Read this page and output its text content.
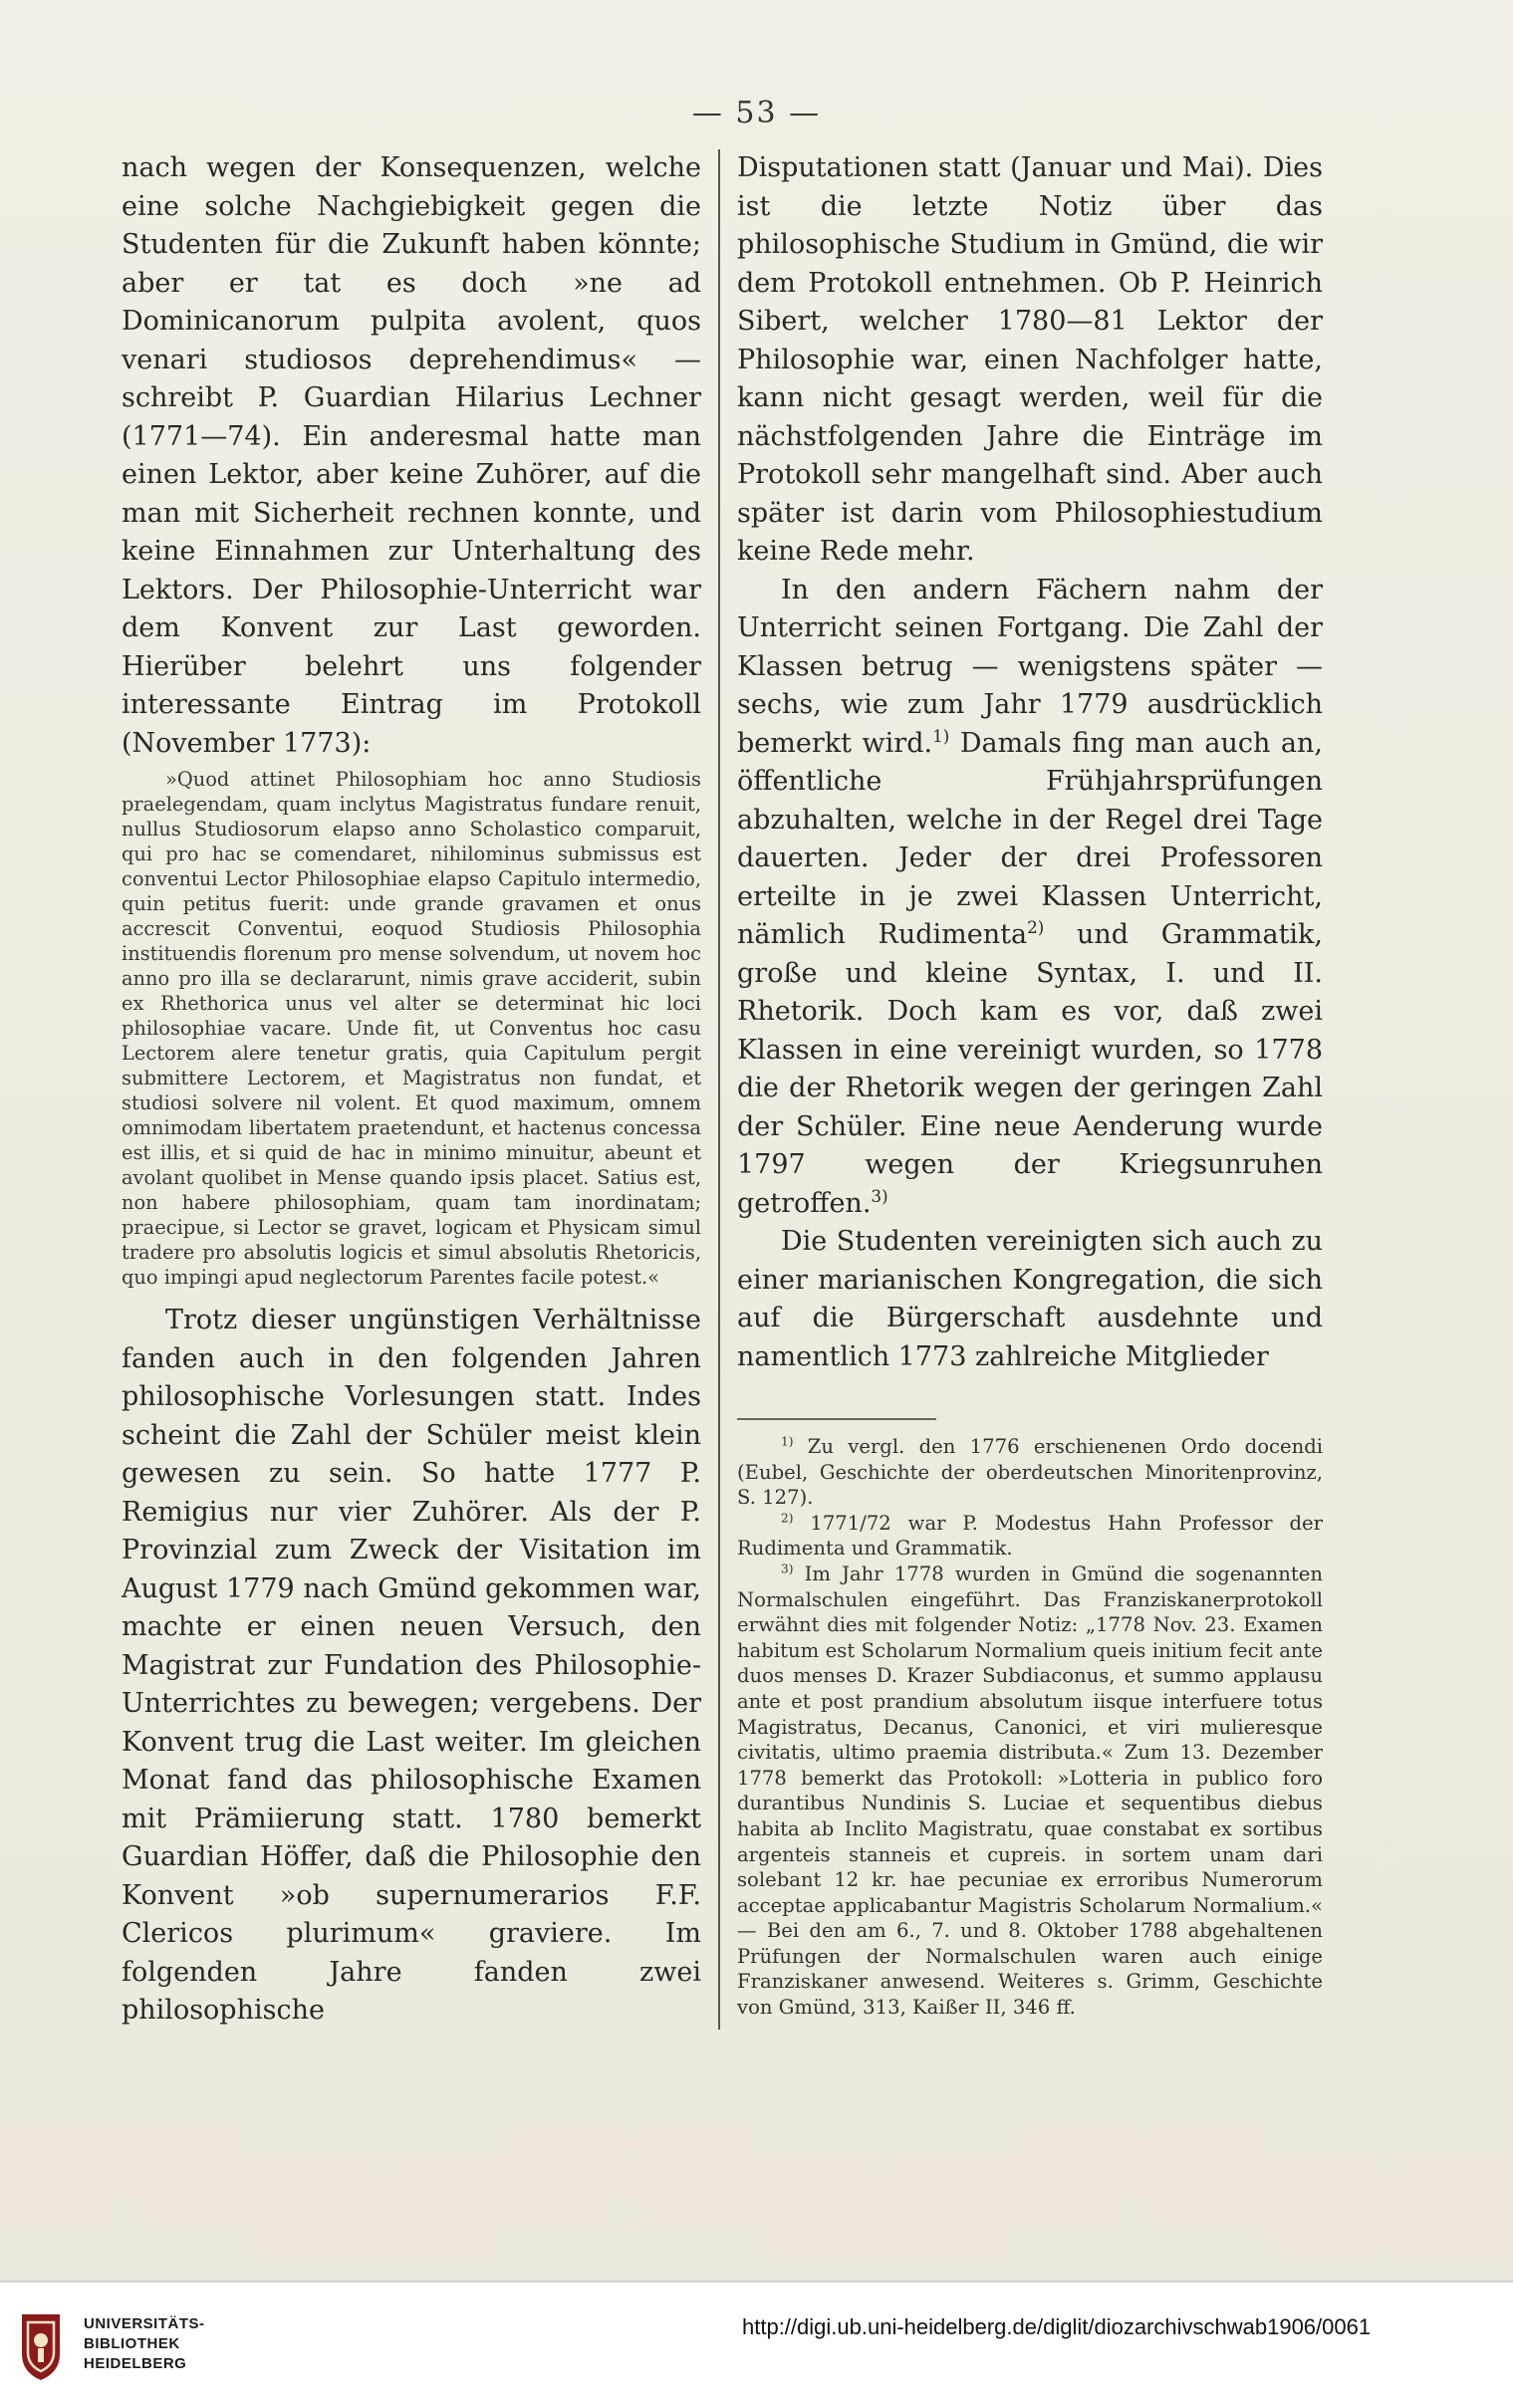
— 53 —

nach wegen der Konsequenzen, welche eine solche Nachgiebigkeit gegen die Studenten für die Zukunft haben könnte; aber er tat es doch »ne ad Dominicanorum pulpita avolent, quos venari studiosos deprehendimus« — schreibt P. Guardian Hilarius Lechner (1771—74). Ein anderesmal hatte man einen Lektor, aber keine Zuhörer, auf die man mit Sicherheit rechnen konnte, und keine Einnahmen zur Unterhaltung des Lektors. Der Philosophie-Unterricht war dem Konvent zur Last geworden. Hierüber belehrt uns folgender interessante Eintrag im Protokoll (November 1773):

»Quod attinet Philosophiam hoc anno Studiosis praelegendam, quam inclytus Magistratus fundare renuit, nullus Studiosorum elapso anno Scholastico comparuit, qui pro hac se comendaret, nihilominus submissus est conventui Lector Philosophiae elapso Capitulo intermedio, quin petitus fuerit: unde grande gravamen et onus accrescit Conventui, eoquod Studiosis Philosophia instituendis florenum pro mense solvendum, ut novem hoc anno pro illa se declararunt, nimis grave acciderit, subin ex Rhethorica unus vel alter se determinat hic loci philosophiae vacare. Unde fit, ut Conventus hoc casu Lectorem alere tenetur gratis, quia Capitulum pergit submittere Lectorem, et Magistratus non fundat, et studiosi solvere nil volent. Et quod maximum, omnem omnimodam libertatem praetendunt, et hactenus concessa est illis, et si quid de hac in minimo minuitur, abeunt et avolant quolibet in Mense quando ipsis placet. Satius est, non habere philosophiam, quam tam inordinatam; praecipue, si Lector se gravet, logicam et Physicam simul tradere pro absolutis logicis et simul absolutis Rhetoricis, quo impingi apud neglectorum Parentes facile potest.«

Trotz dieser ungünstigen Verhältnisse fanden auch in den folgenden Jahren philosophische Vorlesungen statt. Indes scheint die Zahl der Schüler meist klein gewesen zu sein. So hatte 1777 P. Remigius nur vier Zuhörer. Als der P. Provinzial zum Zweck der Visitation im August 1779 nach Gmünd gekommen war, machte er einen neuen Versuch, den Magistrat zur Fundation des Philosophie-Unterrichtes zu bewegen; vergebens. Der Konvent trug die Last weiter. Im gleichen Monat fand das philosophische Examen mit Prämiierung statt. 1780 bemerkt Guardian Höffer, daß die Philosophie den Konvent »ob supernumerarios F.F. Clericos plurimum« graviere. Im folgenden Jahre fanden zwei philosophische

Disputationen statt (Januar und Mai). Dies ist die letzte Notiz über das philosophische Studium in Gmünd, die wir dem Protokoll entnehmen. Ob P. Heinrich Sibert, welcher 1780—81 Lektor der Philosophie war, einen Nachfolger hatte, kann nicht gesagt werden, weil für die nächstfolgenden Jahre die Einträge im Protokoll sehr mangelhaft sind. Aber auch später ist darin vom Philosophiestudium keine Rede mehr.

In den andern Fächern nahm der Unterricht seinen Fortgang. Die Zahl der Klassen betrug — wenigstens später — sechs, wie zum Jahr 1779 ausdrücklich bemerkt wird.$^{1)}$ Damals fing man auch an, öffentliche Frühjahrsprüfungen abzuhalten, welche in der Regel drei Tage dauerten. Jeder der drei Professoren erteilte in je zwei Klassen Unterricht, nämlich Rudimenta$^{2)}$ und Grammatik, große und kleine Syntax, I. und II. Rhetorik. Doch kam es vor, daß zwei Klassen in eine vereinigt wurden, so 1778 die der Rhetorik wegen der geringen Zahl der Schüler. Eine neue Aenderung wurde 1797 wegen der Kriegsunruhen getroffen.$^{3)}$

Die Studenten vereinigten sich auch zu einer marianischen Kongregation, die sich auf die Bürgerschaft ausdehnte und namentlich 1773 zahlreiche Mitglieder

$^{1)}$ Zu vergl. den 1776 erschienenen Ordo docendi (Eubel, Geschichte der oberdeutschen Minoritenprovinz, S. 127).

$^{2)}$ 1771/72 war P. Modestus Hahn Professor der Rudimenta und Grammatik.

$^{3)}$ Im Jahr 1778 wurden in Gmünd die sogenannten Normalschulen eingeführt. Das Franziskanerprotokoll erwähnt dies mit folgender Notiz: „1778 Nov. 23. Examen habitum est Scholarum Normalium queis initium fecit ante duos menses D. Krazer Subdiaconus, et summo applausu ante et post prandium absolutum iisque interfuere totus Magistratus, Decanus, Canonici, et viri mulieresque civitatis, ultimo praemia distributa.« Zum 13. Dezember 1778 bemerkt das Protokoll: »Lotteria in publico foro durantibus Nundinis S. Luciae et sequentibus diebus habita ab Inclito Magistratu, quae constabat ex sortibus argenteis stanneis et cupreis. in sortem unam dari solebant 12 kr. hae pecuniae ex erroribus Numerorum acceptae applicabantur Magistris Scholarum Normalium.« — Bei den am 6., 7. und 8. Oktober 1788 abgehaltenen Prüfungen der Normalschulen waren auch einige Franziskaner anwesend. Weiteres s. Grimm, Geschichte von Gmünd, 313, Kaißer II, 346 ff.

UNIVERSITÄTS-
BIBLIOTHEK
HEIDELBERG
http://digi.ub.uni-heidelberg.de/diglit/diozarchivschwab1906/0061
